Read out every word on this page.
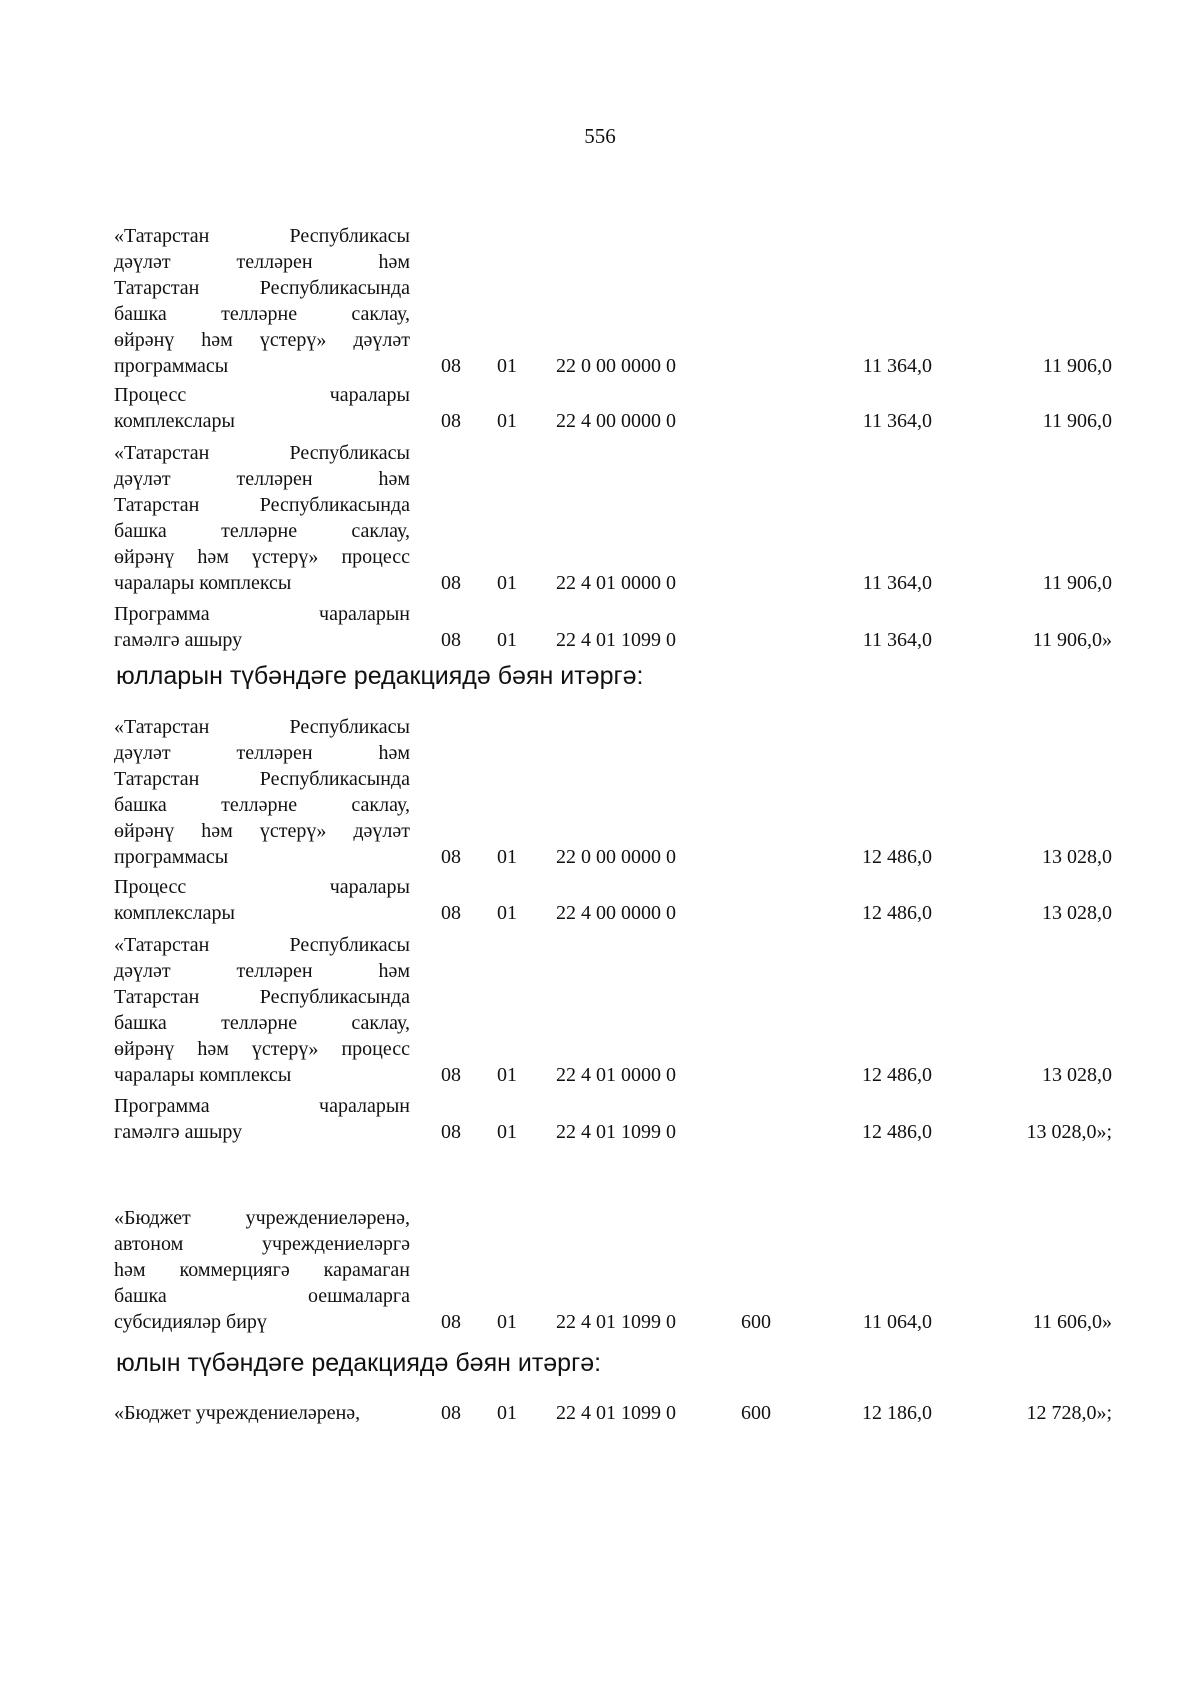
556
«Татарстан Республикасы
дәүләт телләрен һәм
Татарстан Республикасында
башка телләрне саклау,
өйрәнү һәм үстерү» дәүләт
программасы	08 01 22 0 00 0000 0	11 364,0	11 906,0
Процесс чаралары
комплекслары	08 01 22 4 00 0000 0	11 364,0	11 906,0
«Татарстан Республикасы
дәүләт телләрен һәм
Татарстан Республикасында
башка телләрне саклау,
өйрәнү һәм үстерү» процесс
чаралары комплексы	08 01 22 4 01 0000 0	11 364,0	11 906,0
Программа чараларын
гамәлгә ашыру	08 01 22 4 01 1099 0	11 364,0	11 906,0»
«Татарстан Республикасы
дәүләт телләрен һәм
Татарстан Республикасында
башка телләрне саклау,
өйрәнү һәм үстерү» дәүләт
программасы	08 01 22 0 00 0000 0	12 486,0	13 028,0
Процесс чаралары
комплекслары	08 01 22 4 00 0000 0	12 486,0	13 028,0
«Татарстан Республикасы
дәүләт телләрен һәм
Татарстан Республикасында
башка телләрне саклау,
өйрәнү һәм үстерү» процесс
чаралары комплексы	08 01 22 4 01 0000 0	12 486,0	13 028,0
Программа чараларын
гамәлгә ашыру	08 01 22 4 01 1099 0	12 486,0	13 028,0»;
«Бюджет учреждениеләренә,
автоном учреждениеләргә
һәм коммерциягә карамаган
башка оешмаларга
субсидияләр бирү	08 01 22 4 01 1099 0	600	11 064,0	11 606,0»
«Бюджет учреждениеләренә,	08 01 22 4 01 1099 0	600	12 186,0	12 728,0»;
юлларын түбәндәге редакциядә бәян итәргә:
юлын түбәндәге редакциядә бәян итәргә:
